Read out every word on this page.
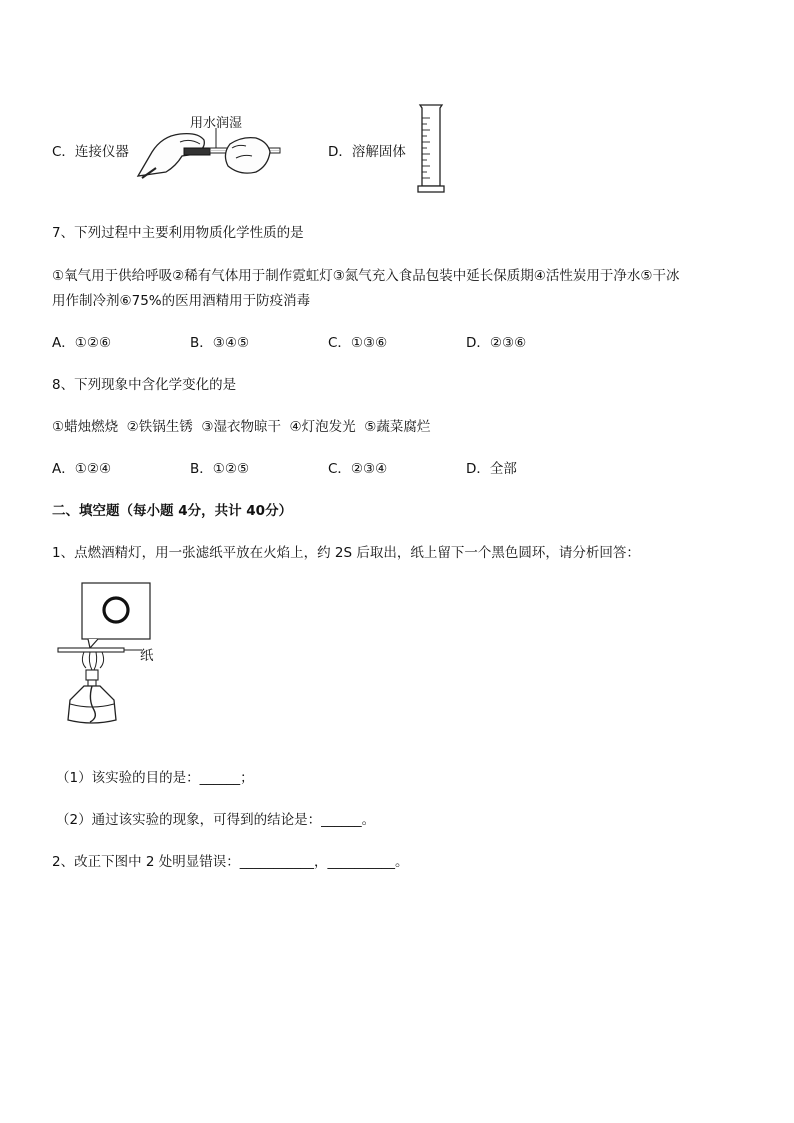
C．连接仪器
用水润湿
D．溶解固体
7、下列过程中主要利用物质化学性质的是
①氧气用于供给呼吸②稀有气体用于制作霓虹灯③氮气充入食品包装中延长保质期④活性炭用于净水⑤干冰
用作制冷剂⑥75%的医用酒精用于防疫消毒
A．①②⑥	B．③④⑤	C．①③⑥	D．②③⑥
8、下列现象中含化学变化的是
①蜡烛燃烧  ②铁锅生锈  ③湿衣物晾干  ④灯泡发光  ⑤蔬菜腐烂
A．①②④	B．①②⑤	C．②③④	D．全部
二、填空题（每小题 4分，共计 40分）
1、点燃酒精灯，用一张滤纸平放在火焰上，约 2S 后取出，纸上留下一个黑色圆环，请分析回答：
纸
（1）该实验的目的是：______；
（2）通过该实验的现象，可得到的结论是：______。
2、改正下图中 2 处明显错误：___________，__________。
